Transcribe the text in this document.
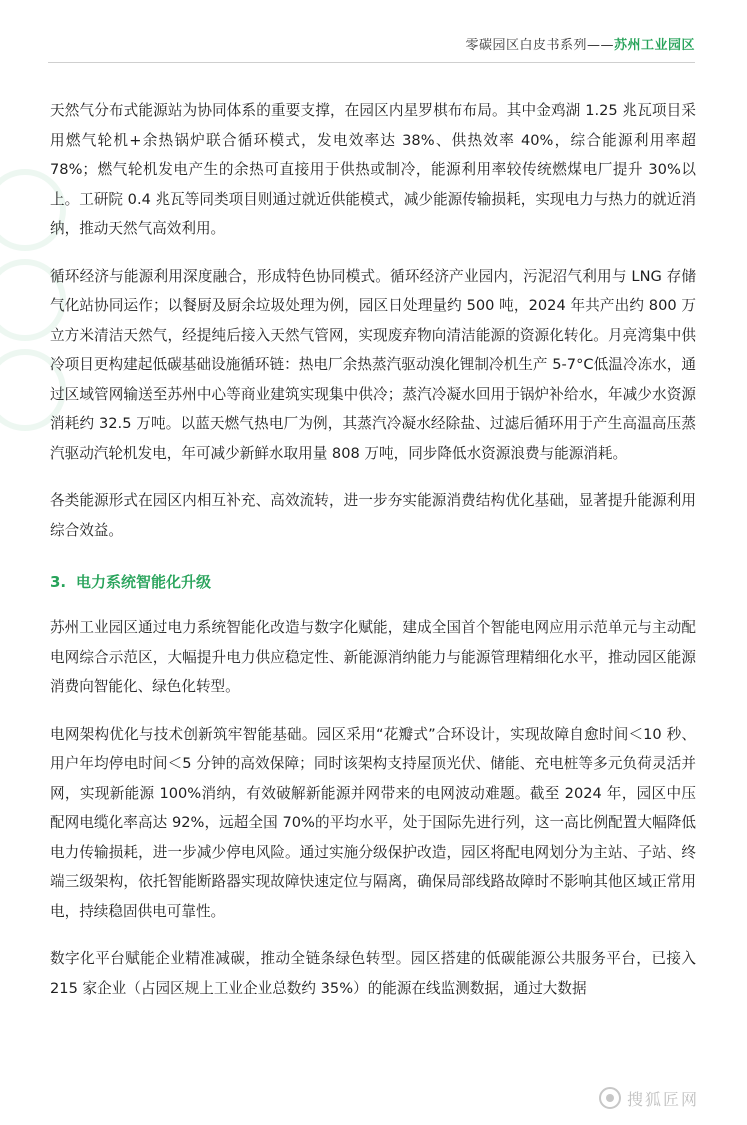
零碳园区白皮书系列——苏州工业园区

天然气分布式能源站为协同体系的重要支撑，在园区内星罗棋布布局。其中金鸡湖 1.25 兆瓦项目采用燃气轮机+余热锅炉联合循环模式，发电效率达 38%、供热效率 40%，综合能源利用率超 78%；燃气轮机发电产生的余热可直接用于供热或制冷，能源利用率较传统燃煤电厂提升 30%以上。工研院 0.4 兆瓦等同类项目则通过就近供能模式，减少能源传输损耗，实现电力与热力的就近消纳，推动天然气高效利用。

循环经济与能源利用深度融合，形成特色协同模式。循环经济产业园内，污泥沼气利用与 LNG 存储气化站协同运作；以餐厨及厨余垃圾处理为例，园区日处理量约 500 吨，2024 年共产出约 800 万立方米清洁天然气，经提纯后接入天然气管网，实现废弃物向清洁能源的资源化转化。月亮湾集中供冷项目更构建起低碳基础设施循环链：热电厂余热蒸汽驱动溴化锂制冷机生产 5-7°C低温冷冻水，通过区域管网输送至苏州中心等商业建筑实现集中供冷；蒸汽冷凝水回用于锅炉补给水，年减少水资源消耗约 32.5 万吨。以蓝天燃气热电厂为例，其蒸汽冷凝水经除盐、过滤后循环用于产生高温高压蒸汽驱动汽轮机发电，年可减少新鲜水取用量 808 万吨，同步降低水资源浪费与能源消耗。

各类能源形式在园区内相互补充、高效流转，进一步夯实能源消费结构优化基础，显著提升能源利用综合效益。

3. 电力系统智能化升级

苏州工业园区通过电力系统智能化改造与数字化赋能，建成全国首个智能电网应用示范单元与主动配电网综合示范区，大幅提升电力供应稳定性、新能源消纳能力与能源管理精细化水平，推动园区能源消费向智能化、绿色化转型。

电网架构优化与技术创新筑牢智能基础。园区采用“花瓣式”合环设计，实现故障自愈时间＜10 秒、用户年均停电时间＜5 分钟的高效保障；同时该架构支持屋顶光伏、储能、充电桩等多元负荷灵活并网，实现新能源 100%消纳，有效破解新能源并网带来的电网波动难题。截至 2024 年，园区中压配网电缆化率高达 92%，远超全国 70%的平均水平，处于国际先进行列，这一高比例配置大幅降低电力传输损耗，进一步减少停电风险。通过实施分级保护改造，园区将配电网划分为主站、子站、终端三级架构，依托智能断路器实现故障快速定位与隔离，确保局部线路故障时不影响其他区域正常用电，持续稳固供电可靠性。

数字化平台赋能企业精准减碳，推动全链条绿色转型。园区搭建的低碳能源公共服务平台，已接入 215 家企业（占园区规上工业企业总数约 35%）的能源在线监测数据，通过大数据

搜狐匠网
